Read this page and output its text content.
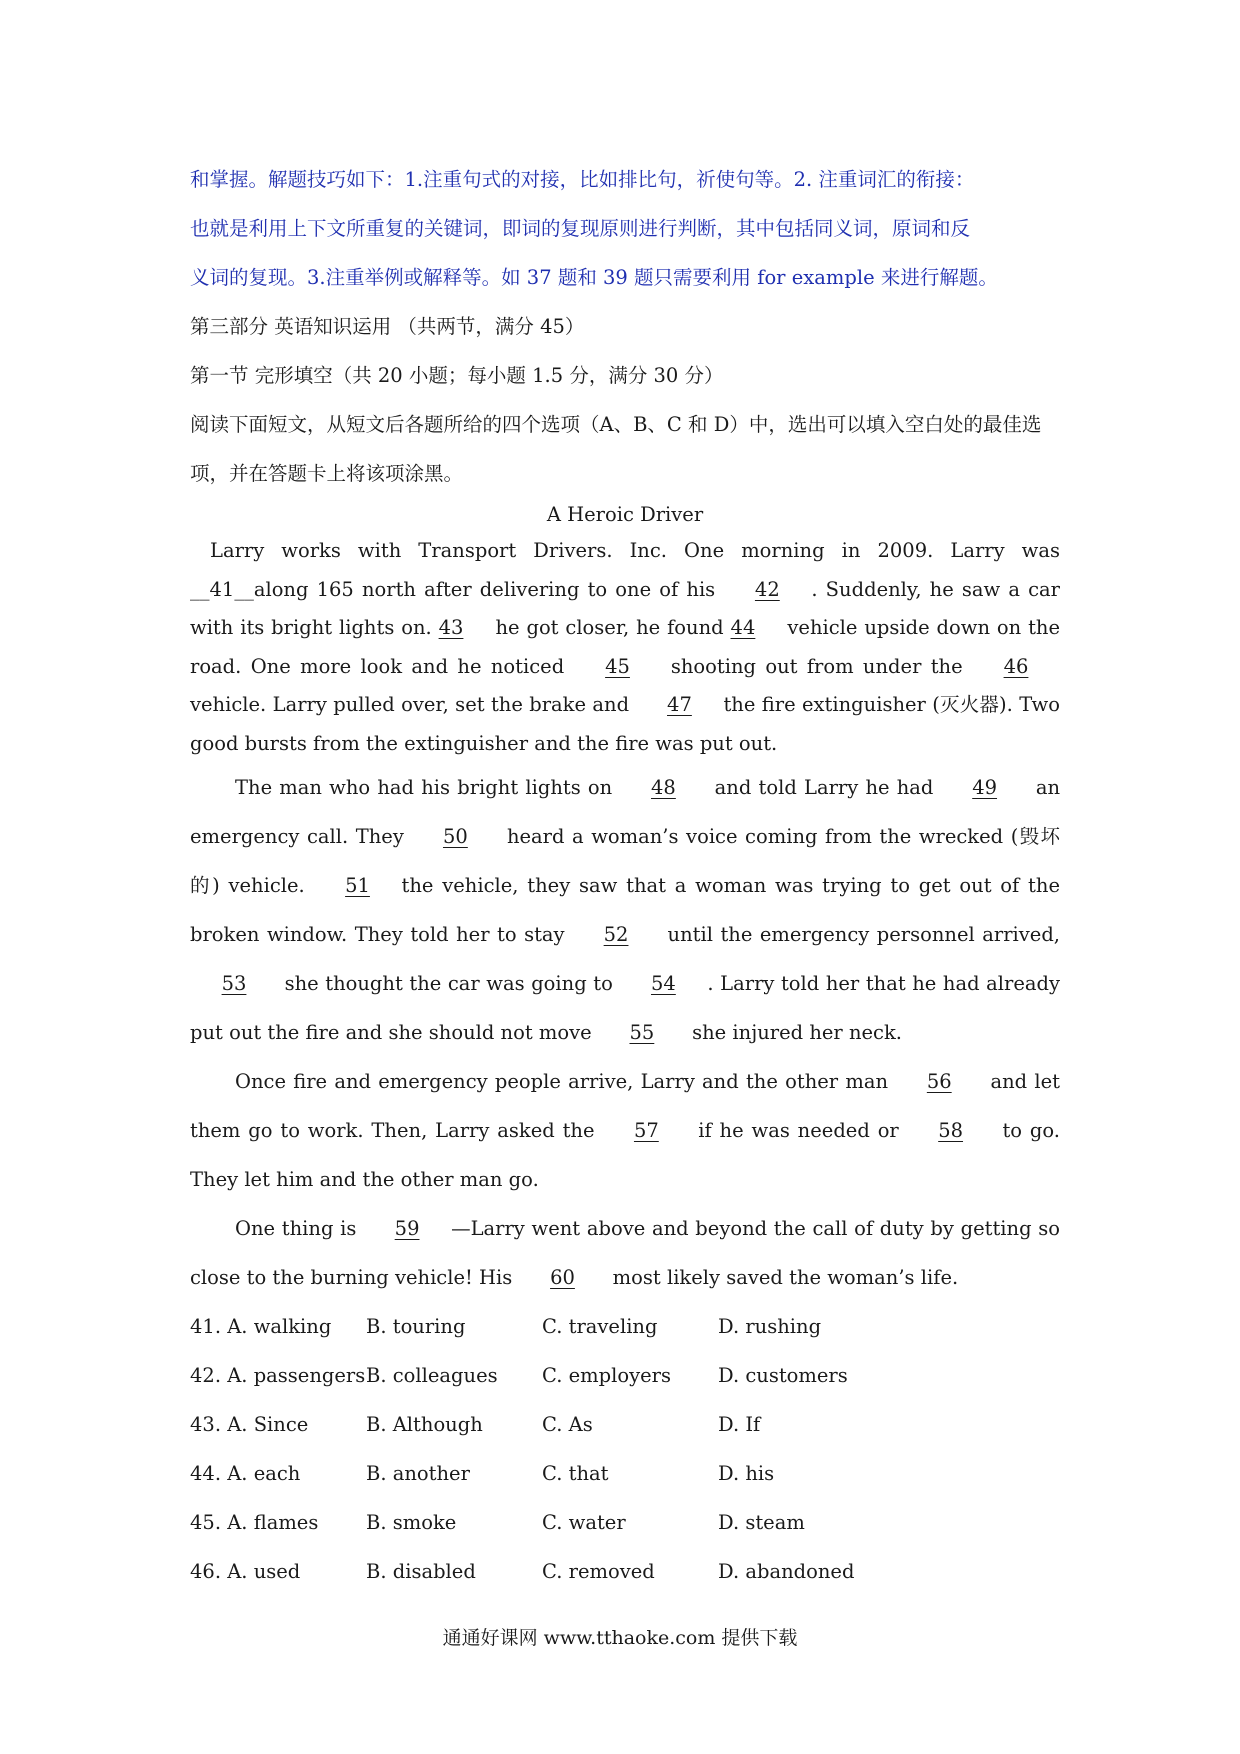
和掌握。解题技巧如下：1.注重句式的对接，比如排比句，祈使句等。2. 注重词汇的衔接：

也就是利用上下文所重复的关键词，即词的复现原则进行判断，其中包括同义词，原词和反

义词的复现。3.注重举例或解释等。如 37 题和 39 题只需要利用 for example 来进行解题。

第三部分 英语知识运用 （共两节，满分 45）

第一节 完形填空（共 20 小题；每小题 1.5 分，满分 30 分）

阅读下面短文，从短文后各题所给的四个选项（A、B、C 和 D）中，选出可以填入空白处的最佳选项，并在答题卡上将该项涂黑。

A Heroic Driver

Larry works with Transport Drivers. Inc. One morning in 2009. Larry was __41__along 165 north after delivering to one of his 42 . Suddenly, he saw a car with its bright lights on. 43 he got closer, he found 44 vehicle upside down on the road. One more look and he noticed 45 shooting out from under the 46 vehicle. Larry pulled over, set the brake and 47 the fire extinguisher (灭火器). Two good bursts from the extinguisher and the fire was put out.

The man who had his bright lights on 48 and told Larry he had 49 an emergency call. They 50 heard a woman’s voice coming from the wrecked (毁坏的) vehicle. 51 the vehicle, they saw that a woman was trying to get out of the broken window. They told her to stay 52 until the emergency personnel arrived, 53 she thought the car was going to 54 . Larry told her that he had already put out the fire and she should not move 55 she injured her neck.

Once fire and emergency people arrive, Larry and the other man 56 and let them go to work. Then, Larry asked the 57 if he was needed or 58 to go. They let him and the other man go.

One thing is 59 —Larry went above and beyond the call of duty by getting so close to the burning vehicle! His 60 most likely saved the woman’s life.

41. A. walking	B. touring	C. traveling	D. rushing
42. A. passengers B. colleagues	C. employers	D. customers
43. A. Since	B. Although	C. As	D. If
44. A. each	B. another	C. that	D. his
45. A. flames	B. smoke	C. water	D. steam
46. A. used	B. disabled	C. removed	D. abandoned
通通好课网 www.tthaoke.com 提供下载
